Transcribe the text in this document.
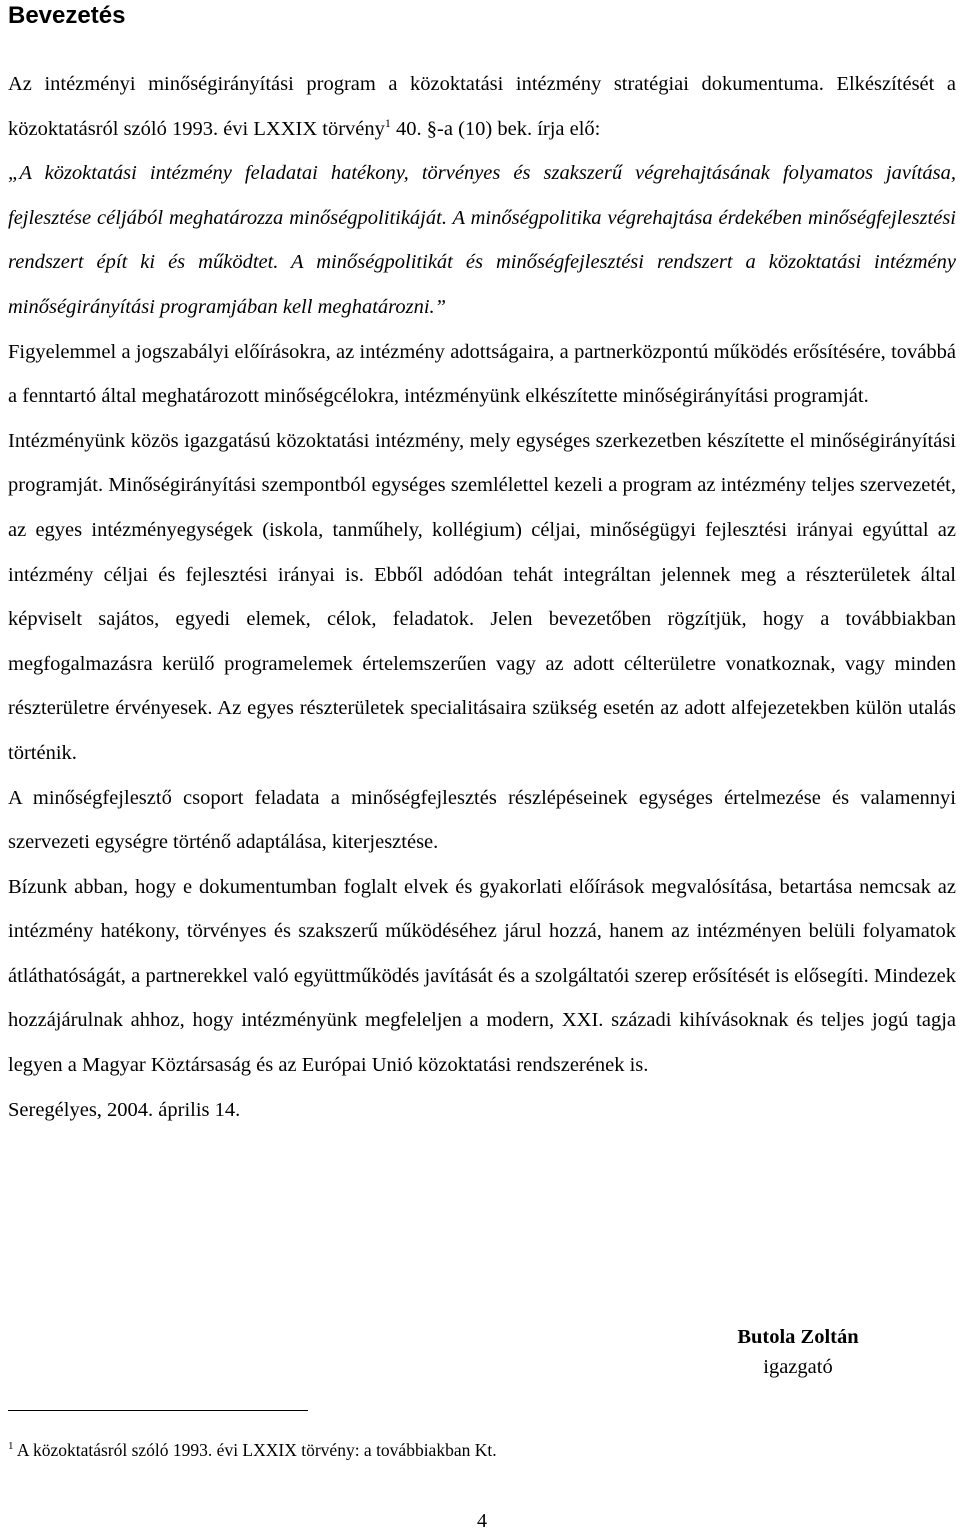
Bevezetés

Az intézményi minőségirányítási program a közoktatási intézmény stratégiai dokumentuma. Elkészítését a közoktatásról szóló 1993. évi LXXIX törvény$^1$ 40. §-a (10) bek. írja elő:
„A közoktatási intézmény feladatai hatékony, törvényes és szakszerű végrehajtásának folyamatos javítása, fejlesztése céljából meghatározza minőségpolitikáját. A minőségpolitika végrehajtása érdekében minőségfejlesztési rendszert épít ki és működtet. A minőségpolitikát és minőségfejlesztési rendszert a közoktatási intézmény minőségirányítási programjában kell meghatározni.”

Figyelemmel a jogszabályi előírásokra, az intézmény adottságaira, a partnerközpontú működés erősítésére, továbbá a fenntartó által meghatározott minőségcélokra, intézményünk elkészítette minőségirányítási programját.

Intézményünk közös igazgatású közoktatási intézmény, mely egységes szerkezetben készítette el minőségirányítási programját. Minőségirányítási szempontból egységes szemlélettel kezeli a program az intézmény teljes szervezetét, az egyes intézményegységek (iskola, tanműhely, kollégium) céljai, minőségügyi fejlesztési irányai egyúttal az intézmény céljai és fejlesztési irányai is. Ebből adódóan tehát integráltan jelennek meg a részterületek által képviselt sajátos, egyedi elemek, célok, feladatok. Jelen bevezetőben rögzítjük, hogy a továbbiakban megfogalmazásra kerülő programelemek értelemszerűen vagy az adott célterületre vonatkoznak, vagy minden részterületre érvényesek. Az egyes részterületek specialitásaira szükség esetén az adott alfejezetekben külön utalás történik.

A minőségfejlesztő csoport feladata a minőségfejlesztés részlépéseinek egységes értelmezése és valamennyi szervezeti egységre történő adaptálása, kiterjesztése.

Bízunk abban, hogy e dokumentumban foglalt elvek és gyakorlati előírások megvalósítása, betartása nemcsak az intézmény hatékony, törvényes és szakszerű működéséhez járul hozzá, hanem az intézményen belüli folyamatok átláthatóságát, a partnerekkel való együttműködés javítását és a szolgáltatói szerep erősítését is elősegíti. Mindezek hozzájárulnak ahhoz, hogy intézményünk megfeleljen a modern, XXI. századi kihívásoknak és teljes jogú tagja legyen a Magyar Köztársaság és az Európai Unió közoktatási rendszerének is.

Seregélyes, 2004. április 14.

Butola Zoltán
igazgató
$^1$ A közoktatásról szóló 1993. évi LXXIX törvény: a továbbiakban Kt.
4
